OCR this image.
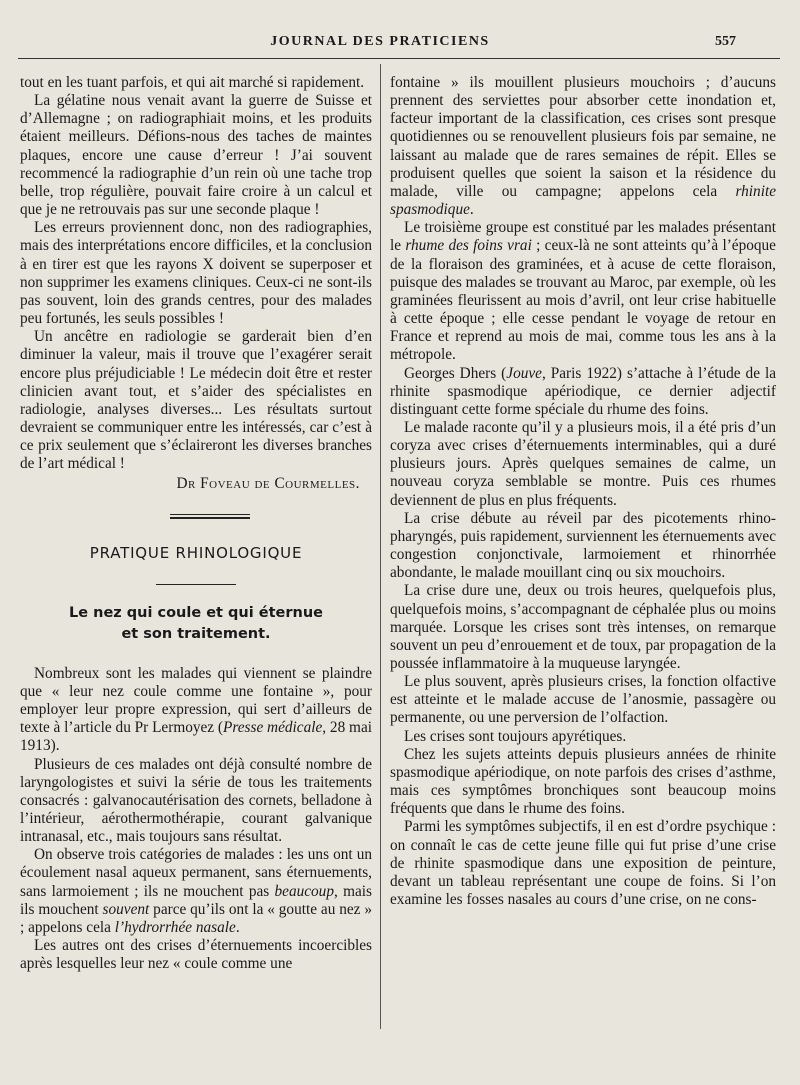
JOURNAL DES PRATICIENS	557

tout en les tuant parfois, et qui ait marché si rapidement.

La gélatine nous venait avant la guerre de Suisse et d’Allemagne ; on radiographiait moins, et les produits étaient meilleurs. Défions-nous des taches de maintes plaques, encore une cause d’erreur ! J’ai souvent recommencé la radiographie d’un rein où une tache trop belle, trop régulière, pouvait faire croire à un calcul et que je ne retrouvais pas sur une seconde plaque !

Les erreurs proviennent donc, non des radiographies, mais des interprétations encore difficiles, et la conclusion à en tirer est que les rayons X doivent se superposer et non supprimer les examens cliniques. Ceux-ci ne sont-ils pas souvent, loin des grands centres, pour des malades peu fortunés, les seuls possibles !

Un ancêtre en radiologie se garderait bien d’en diminuer la valeur, mais il trouve que l’exagérer serait encore plus préjudiciable ! Le médecin doit être et rester clinicien avant tout, et s’aider des spécialistes en radiologie, analyses diverses... Les résultats surtout devraient se communiquer entre les intéressés, car c’est à ce prix seulement que s’éclaireront les diverses branches de l’art médical !

Dr Foveau de Courmelles.
PRATIQUE RHINOLOGIQUE
Le nez qui coule et qui éternue
et son traitement.

Nombreux sont les malades qui viennent se plaindre que « leur nez coule comme une fontaine », pour employer leur propre expression, qui sert d’ailleurs de texte à l’article du Pr Lermoyez (Presse médicale, 28 mai 1913).

Plusieurs de ces malades ont déjà consulté nombre de laryngologistes et suivi la série de tous les traitements consacrés : galvanocautérisation des cornets, belladone à l’intérieur, aérothermothérapie, courant galvanique intranasal, etc., mais toujours sans résultat.

On observe trois catégories de malades : les uns ont un écoulement nasal aqueux permanent, sans éternuements, sans larmoiement ; ils ne mouchent pas beaucoup, mais ils mouchent souvent parce qu’ils ont la « goutte au nez » ; appelons cela l’hydrorrhée nasale.

Les autres ont des crises d’éternuements incoercibles après lesquelles leur nez « coule comme une

fontaine » ils mouillent plusieurs mouchoirs ; d’aucuns prennent des serviettes pour absorber cette inondation et, facteur important de la classification, ces crises sont presque quotidiennes ou se renouvellent plusieurs fois par semaine, ne laissant au malade que de rares semaines de répit. Elles se produisent quelles que soient la saison et la résidence du malade, ville ou campagne; appelons cela rhinite spasmodique.

Le troisième groupe est constitué par les malades présentant le rhume des foins vrai ; ceux-là ne sont atteints qu’à l’époque de la floraison des graminées, et à acuse de cette floraison, puisque des malades se trouvant au Maroc, par exemple, où les graminées fleurissent au mois d’avril, ont leur crise habituelle à cette époque ; elle cesse pendant le voyage de retour en France et reprend au mois de mai, comme tous les ans à la métropole.

Georges Dhers (Jouve, Paris 1922) s’attache à l’étude de la rhinite spasmodique apériodique, ce dernier adjectif distinguant cette forme spéciale du rhume des foins.

Le malade raconte qu’il y a plusieurs mois, il a été pris d’un coryza avec crises d’éternuements interminables, qui a duré plusieurs jours. Après quelques semaines de calme, un nouveau coryza semblable se montre. Puis ces rhumes deviennent de plus en plus fréquents.

La crise débute au réveil par des picotements rhino-pharyngés, puis rapidement, surviennent les éternuements avec congestion conjonctivale, larmoiement et rhinorrhée abondante, le malade mouillant cinq ou six mouchoirs.

La crise dure une, deux ou trois heures, quelquefois plus, quelquefois moins, s’accompagnant de céphalée plus ou moins marquée. Lorsque les crises sont très intenses, on remarque souvent un peu d’enrouement et de toux, par propagation de la poussée inflammatoire à la muqueuse laryngée.

Le plus souvent, après plusieurs crises, la fonction olfactive est atteinte et le malade accuse de l’anosmie, passagère ou permanente, ou une perversion de l’olfaction.

Les crises sont toujours apyrétiques.

Chez les sujets atteints depuis plusieurs années de rhinite spasmodique apériodique, on note parfois des crises d’asthme, mais ces symptômes bronchiques sont beaucoup moins fréquents que dans le rhume des foins.

Parmi les symptômes subjectifs, il en est d’ordre psychique : on connaît le cas de cette jeune fille qui fut prise d’une crise de rhinite spasmodique dans une exposition de peinture, devant un tableau représentant une coupe de foins. Si l’on examine les fosses nasales au cours d’une crise, on ne cons-
